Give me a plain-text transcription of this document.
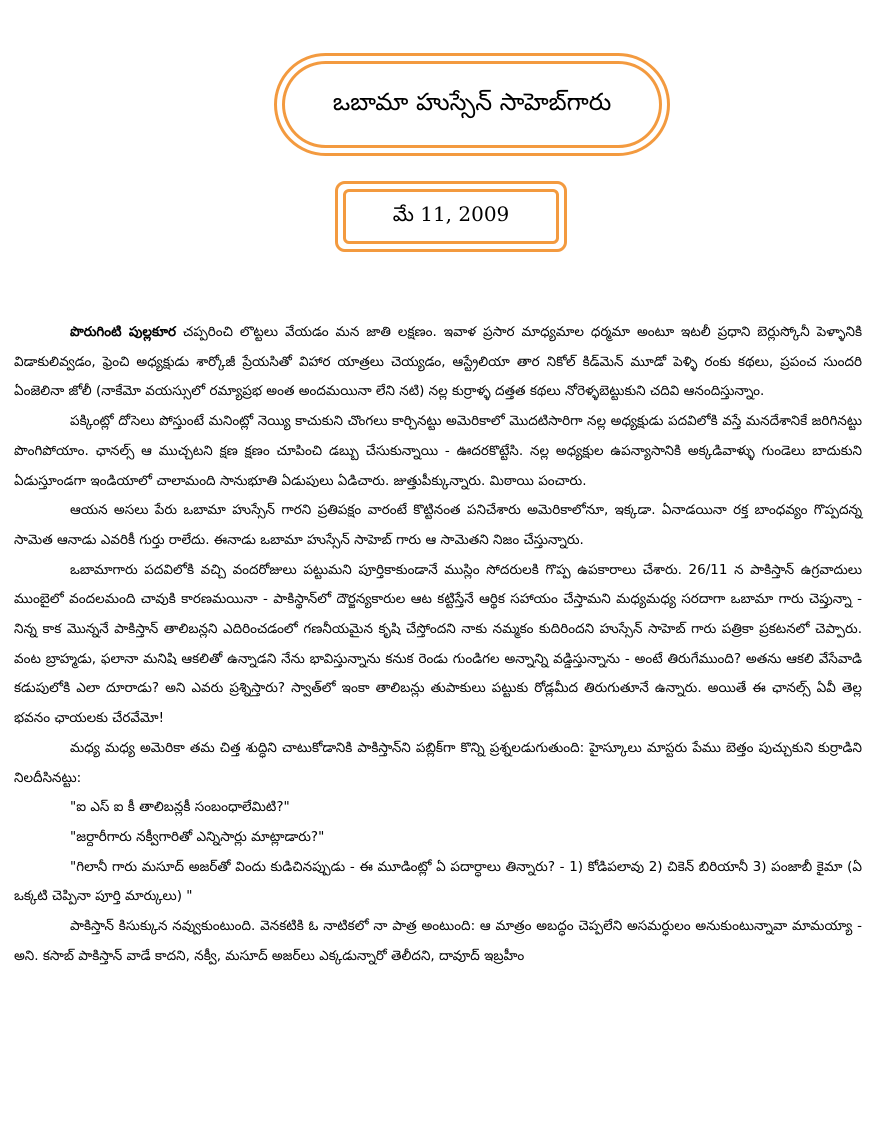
ఒబామా హుస్సేన్ సాహెబ్‌గారు
మే 11, 2009

పొరుగింటి పుల్లకూర చప్పరించి లొట్టలు వేయడం మన జాతి లక్షణం. ఇవాళ ప్రసార మాధ్యమాల ధర్మమా అంటూ ఇటలీ ప్రధాని బెర్లుస్కోనీ పెళ్ళానికి విడాకులివ్వడం, ఫ్రెంచి అధ్యక్షుడు శార్కోజీ ప్రేయసితో విహార యాత్రలు చెయ్యడం, ఆస్ట్రేలియా తార నికోల్ కిడ్‌మెన్ మూడో పెళ్ళి రంకు కథలు, ప్రపంచ సుందరి ఏంజెలినా జోలీ (నాకేమో వయస్సులో రమ్యాప్రభ అంత అందమయినా లేని నటి) నల్ల కుర్రాళ్ళ దత్తత కథలు నోరెళ్ళబెట్టుకుని చదివి ఆనందిస్తున్నాం.

పక్కింట్లో దోసెలు పోస్తుంటే మనింట్లో నెయ్యి కాచుకుని చొంగలు కార్చినట్టు అమెరికాలో మొదటిసారిగా నల్ల అధ్యక్షుడు పదవిలోకి వస్తే మనదేశానికే జరిగినట్టు పొంగిపోయాం. ఛానల్స్ ఆ ముచ్చటని క్షణ క్షణం చూపించి డబ్బు చేసుకున్నాయి - ఊదరకొట్టేసి. నల్ల అధ్యక్షుల ఉపన్యాసానికి అక్కడివాళ్ళు గుండెలు బాదుకుని ఏడుస్తూండగా ఇండియాలో చాలామంది సానుభూతి ఏడుపులు ఏడిచారు. జుత్తుపీక్కున్నారు. మిఠాయి పంచారు.

ఆయన అసలు పేరు ఒబామా హుస్సేన్ గారని ప్రతిపక్షం వారంటే కొట్టినంత పనిచేశారు అమెరికాలోనూ, ఇక్కడా. ఏనాడయినా రక్త బాంధవ్యం గొప్పదన్న సామెత ఆనాడు ఎవరికీ గుర్తు రాలేదు. ఈనాడు ఒబామా హుస్సేన్ సాహెబ్ గారు ఆ సామెతని నిజం చేస్తున్నారు.

ఒబామాగారు పదవిలోకి వచ్చి వందరోజులు పట్టుమని పూర్తికాకుండానే ముస్లిం సోదరులకి గొప్ప ఉపకారాలు చేశారు. 26/11 న పాకిస్తాన్ ఉగ్రవాదులు ముంబైలో వందలమంది చావుకి కారణమయినా - పాకిస్థాన్‌లో దౌర్జన్యకారుల ఆట కట్టిస్తేనే ఆర్థిక సహాయం చేస్తామని మధ్యమధ్య సరదాగా ఒబామా గారు చెప్తున్నా - నిన్న కాక మొన్ననే పాకిస్తాన్ తాలిబన్లని ఎదిరించడంలో గణనీయమైన కృషి చేస్తోందని నాకు నమ్మకం కుదిరిందని హుస్సేన్ సాహెబ్ గారు పత్రికా ప్రకటనలో చెప్పారు. వంట బ్రాహ్మడు, ఫలానా మనిషి ఆకలితో ఉన్నాడని నేను భావిస్తున్నాను కనుక రెండు గుండిగల అన్నాన్ని వడ్డిస్తున్నాను - అంటే తిరుగేముంది? అతను ఆకలి వేసేవాడి కడుపులోకి ఎలా దూరాడు? అని ఎవరు ప్రశ్నిస్తారు? స్వాత్‌లో ఇంకా తాలిబన్లు తుపాకులు పట్టుకు రోడ్లమీద తిరుగుతూనే ఉన్నారు. అయితే ఈ ఛానల్స్ ఏవీ తెల్ల భవనం ఛాయలకు చేరవేమో!

మధ్య మధ్య అమెరికా తమ చిత్త శుద్ధిని చాటుకోడానికి పాకిస్తాన్‌ని పబ్లిక్‌గా కొన్ని ప్రశ్నలడుగుతుంది: హైస్కూలు మాస్టరు పేము బెత్తం పుచ్చుకుని కుర్రాడిని నిలదీసినట్టు:

"ఐ ఎస్ ఐ కీ తాలిబన్లకీ సంబంధాలేమిటి?"

"జర్దారీగారు నక్వీగారితో ఎన్నిసార్లు మాట్లాడారు?"

"గిలానీ గారు మసూద్ అజర్‌తో విందు కుడిచినప్పుడు - ఈ మూడింట్లో ఏ పదార్ధాలు తిన్నారు? - 1) కోడిపలావు 2) చికెన్ బిరియానీ 3) పంజాబీ కైమా (ఏ ఒక్కటి చెప్పినా పూర్తి మార్కులు) "

పాకిస్తాన్ కిసుక్కున నవ్వుకుంటుంది. వెనకటికి ఓ నాటికలో నా పాత్ర అంటుంది: ఆ మాత్రం అబద్ధం చెప్పలేని అసమర్ధులం అనుకుంటున్నావా మామయ్యా - అని. కసాబ్ పాకిస్తాన్ వాడే కాదని, నక్వీ, మసూద్ అజర్‌లు ఎక్కడున్నారో తెలీదని, దావూద్ ఇబ్రహీం
